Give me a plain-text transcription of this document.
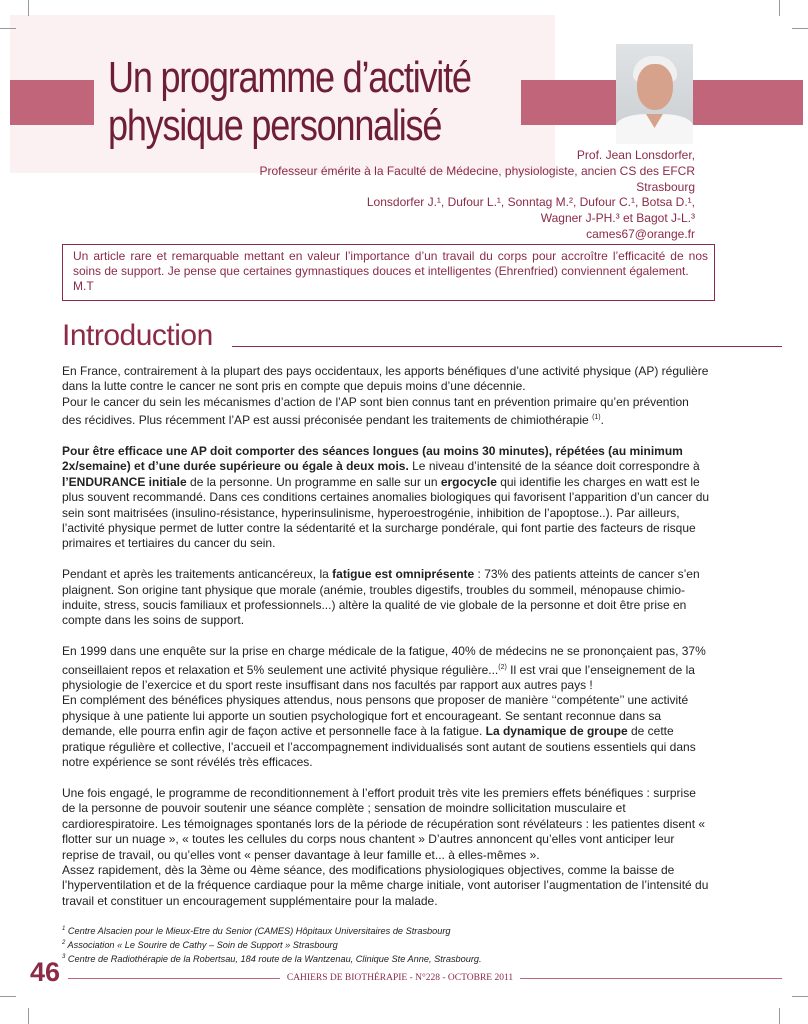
Un programme d’activité
physique personnalisé

Prof. Jean Lonsdorfer,

Professeur émérite à la Faculté de Médecine, physiologiste, ancien CS des EFCR

Strasbourg

Lonsdorfer J.¹, Dufour L.¹, Sonntag M.², Dufour C.¹, Botsa D.¹,

Wagner J-PH.³ et Bagot J-L.³

cames67@orange.fr

Un article rare et remarquable mettant en valeur l’importance d’un travail du corps pour accroître l’efficacité de nos soins de support. Je pense que certaines gymnastiques douces et intelligentes (Ehrenfried) conviennent également.

M.T

Introduction

En France, contrairement à la plupart des pays occidentaux, les apports bénéfiques d’une activité physique (AP) régulière dans la lutte contre le cancer ne sont pris en compte que depuis moins d’une décennie.

Pour le cancer du sein les mécanismes d’action de l’AP sont bien connus tant en prévention primaire qu’en prévention des récidives. Plus récemment l’AP est aussi préconisée pendant les traitements de chimiothérapie $^{(1)}$.

Pour être efficace une AP doit comporter des séances longues (au moins 30 minutes), répétées (au minimum 2x/semaine) et d’une durée supérieure ou égale à deux mois. Le niveau d’intensité de la séance doit correspondre à l’ENDURANCE initiale de la personne. Un programme en salle sur un ergocycle qui identifie les charges en watt est le plus souvent recommandé. Dans ces conditions certaines anomalies biologiques qui favorisent l’apparition d’un cancer du sein sont maitrisées (insulino-résistance, hyperinsulinisme, hyperoestrogénie, inhibition de l’apoptose..). Par ailleurs, l’activité physique permet de lutter contre la sédentarité et la surcharge pondérale, qui font partie des facteurs de risque primaires et tertiaires du cancer du sein.

Pendant et après les traitements anticancéreux, la fatigue est omniprésente : 73% des patients atteints de cancer s’en plaignent. Son origine tant physique que morale (anémie, troubles digestifs, troubles du sommeil, ménopause chimio-induite, stress, soucis familiaux et professionnels...) altère la qualité de vie globale de la personne et doit être prise en compte dans les soins de support.

En 1999 dans une enquête sur la prise en charge médicale de la fatigue, 40% de médecins ne se prononçaient pas, 37% conseillaient repos et relaxation et 5% seulement une activité physique régulière...$^{(2)}$ Il est vrai que l’enseignement de la physiologie de l’exercice et du sport reste insuffisant dans nos facultés par rapport aux autres pays !

En complément des bénéfices physiques attendus, nous pensons que proposer de manière ‘‘compétente’’ une activité physique à une patiente lui apporte un soutien psychologique fort et encourageant. Se sentant reconnue dans sa demande, elle pourra enfin agir de façon active et personnelle face à la fatigue. La dynamique de groupe de cette pratique régulière et collective, l’accueil et l’accompagnement individualisés sont autant de soutiens essentiels qui dans notre expérience se sont révélés très efficaces.

Une fois engagé, le programme de reconditionnement à l’effort produit très vite les premiers effets bénéfiques : surprise de la personne de pouvoir soutenir une séance complète ; sensation de moindre sollicitation musculaire et cardiorespiratoire. Les témoignages spontanés lors de la période de récupération sont révélateurs : les patientes disent « flotter sur un nuage », « toutes les cellules du corps nous chantent » D’autres annoncent qu’elles vont anticiper leur reprise de travail, ou qu’elles vont « penser davantage à leur famille et... à elles-mêmes ».

Assez rapidement, dès la 3ème ou 4ème séance, des modifications physiologiques objectives, comme la baisse de l’hyperventilation et de la fréquence cardiaque pour la même charge initiale, vont autoriser l’augmentation de l’intensité du travail et constituer un encouragement supplémentaire pour la malade.

$^1$ Centre Alsacien pour le Mieux-Etre du Senior (CAMES) Hôpitaux Universitaires de Strasbourg

$^2$ Association « Le Sourire de Cathy – Soin de Support » Strasbourg

$^3$ Centre de Radiothérapie de la Robertsau, 184 route de la Wantzenau, Clinique Ste Anne, Strasbourg.

46	CAHIERS DE BIOTHÉRAPIE - N°228 - OCTOBRE 2011
